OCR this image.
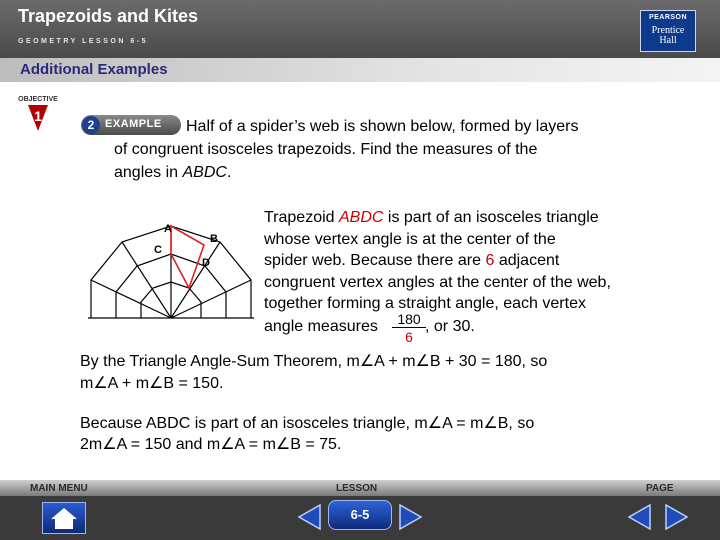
Trapezoids and Kites
GEOMETRY LESSON 6-5
PEARSON
Prentice
Hall
Additional Examples
OBJECTIVE
1
2 EXAMPLE Half of a spider’s web is shown below, formed by layers
of congruent isosceles trapezoids. Find the measures of the
angles in ABDC.
A
B
C
D
Trapezoid ABDC is part of an isosceles triangle
whose vertex angle is at the center of the
spider web. Because there are 6 adjacent
congruent vertex angles at the center of the web,
together forming a straight angle, each vertex
angle measures	180
6
, or 30.
By the Triangle Angle-Sum Theorem, m∠A + m∠B + 30 = 180, so
m∠A + m∠B = 150.
Because ABDC is part of an isosceles triangle, m∠A = m∠B, so
2m∠A = 150 and m∠A = m∠B = 75.
MAIN MENU	LESSON	PAGE
6-5
